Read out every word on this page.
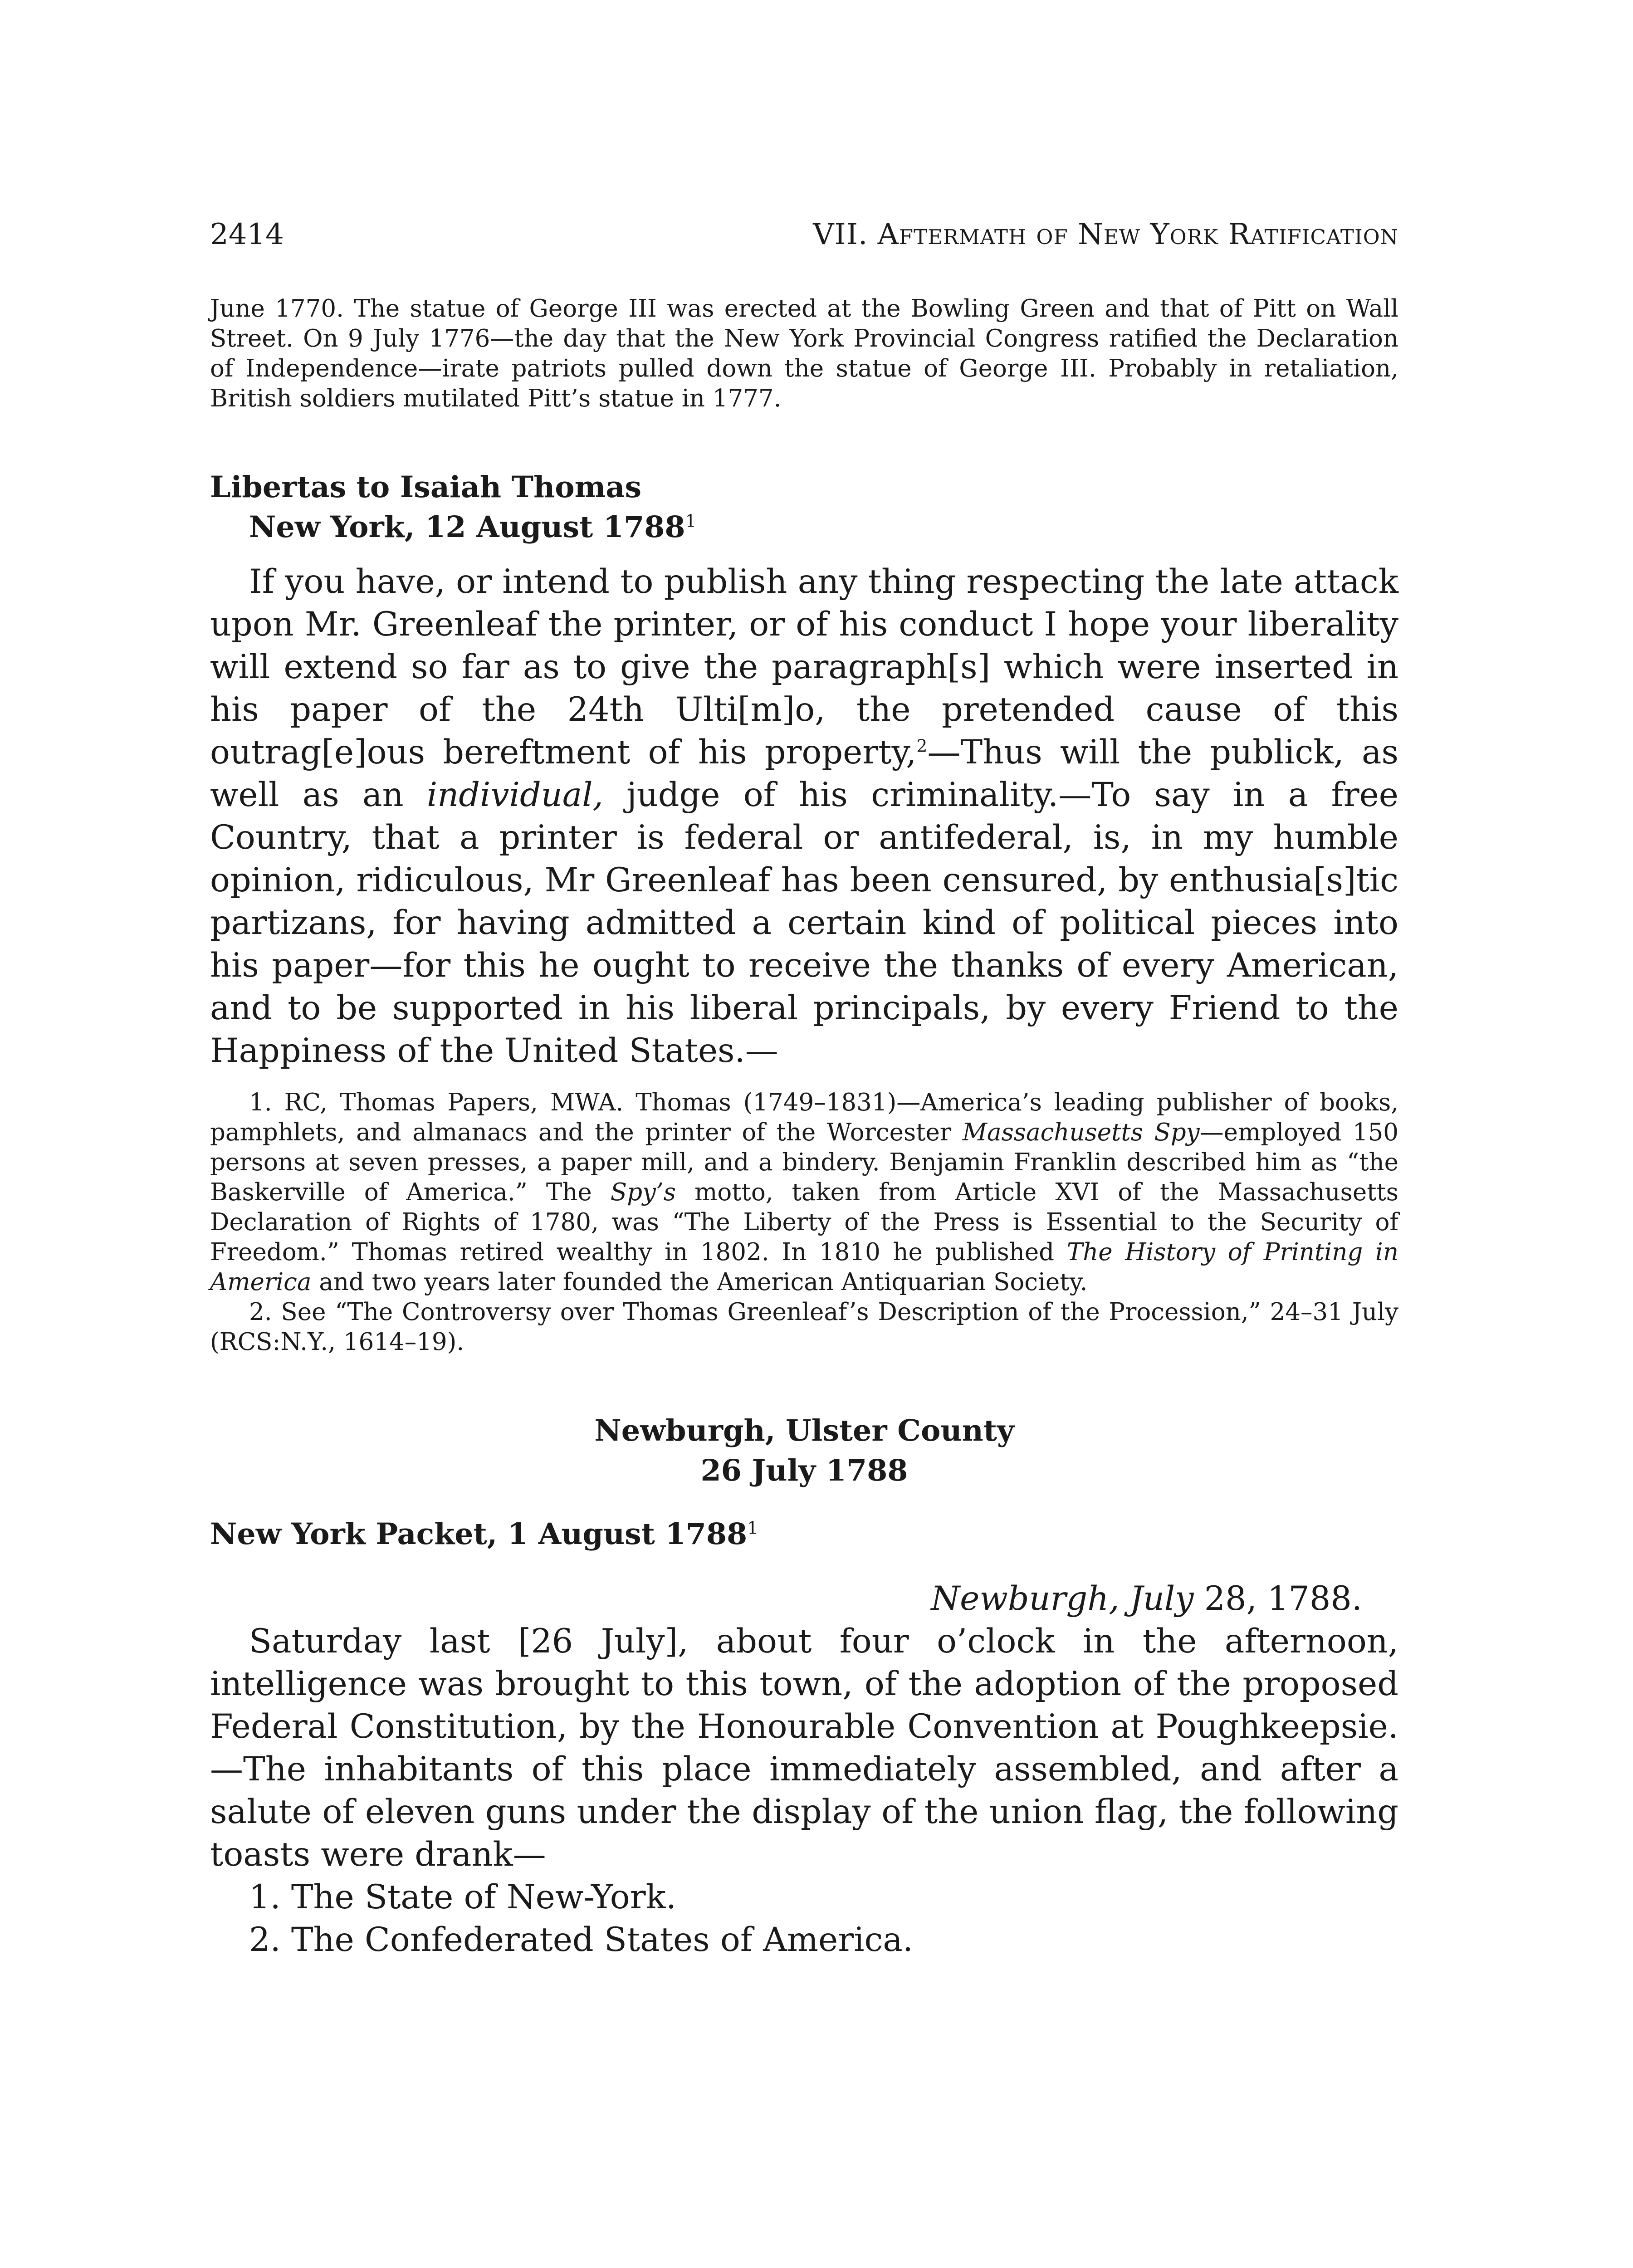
2414	VII. Aftermath of New York Ratification

June 1770. The statue of George III was erected at the Bowling Green and that of Pitt on Wall Street. On 9 July 1776—the day that the New York Provincial Congress ratified the Declaration of Independence—irate patriots pulled down the statue of George III. Probably in retaliation, British soldiers mutilated Pitt’s statue in 1777.

Libertas to Isaiah Thomas

New York, 12 August 1788$^1$

If you have, or intend to publish any thing respecting the late attack upon Mr. Greenleaf the printer, or of his conduct I hope your liberality will extend so far as to give the paragraph[s] which were inserted in his paper of the 24th Ulti[m]o, the pretended cause of this outrag[e]ous bereftment of his property,$^2$—Thus will the publick, as well as an individual, judge of his criminality.—To say in a free Country, that a printer is federal or antifederal, is, in my humble opinion, ridiculous, Mr Greenleaf has been censured, by enthusia[s]tic partizans, for having admitted a certain kind of political pieces into his paper—for this he ought to receive the thanks of every American, and to be supported in his liberal principals, by every Friend to the Happiness of the United States.—

1. RC, Thomas Papers, MWA. Thomas (1749–1831)—America’s leading publisher of books, pamphlets, and almanacs and the printer of the Worcester Massachusetts Spy—employed 150 persons at seven presses, a paper mill, and a bindery. Benjamin Franklin described him as “the Baskerville of America.” The Spy’s motto, taken from Article XVI of the Massachusetts Declaration of Rights of 1780, was “The Liberty of the Press is Essential to the Security of Freedom.” Thomas retired wealthy in 1802. In 1810 he published The History of Printing in America and two years later founded the American Antiquarian Society.

2. See “The Controversy over Thomas Greenleaf’s Description of the Procession,” 24–31 July (RCS:N.Y., 1614–19).

Newburgh, Ulster County

26 July 1788

New York Packet, 1 August 1788$^1$

Newburgh, July 28, 1788.

Saturday last [26 July], about four o’clock in the afternoon, intelligence was brought to this town, of the adoption of the proposed Federal Constitution, by the Honourable Convention at Poughkeepsie.—The inhabitants of this place immediately assembled, and after a salute of eleven guns under the display of the union flag, the following toasts were drank—

1. The State of New-York.

2. The Confederated States of America.
